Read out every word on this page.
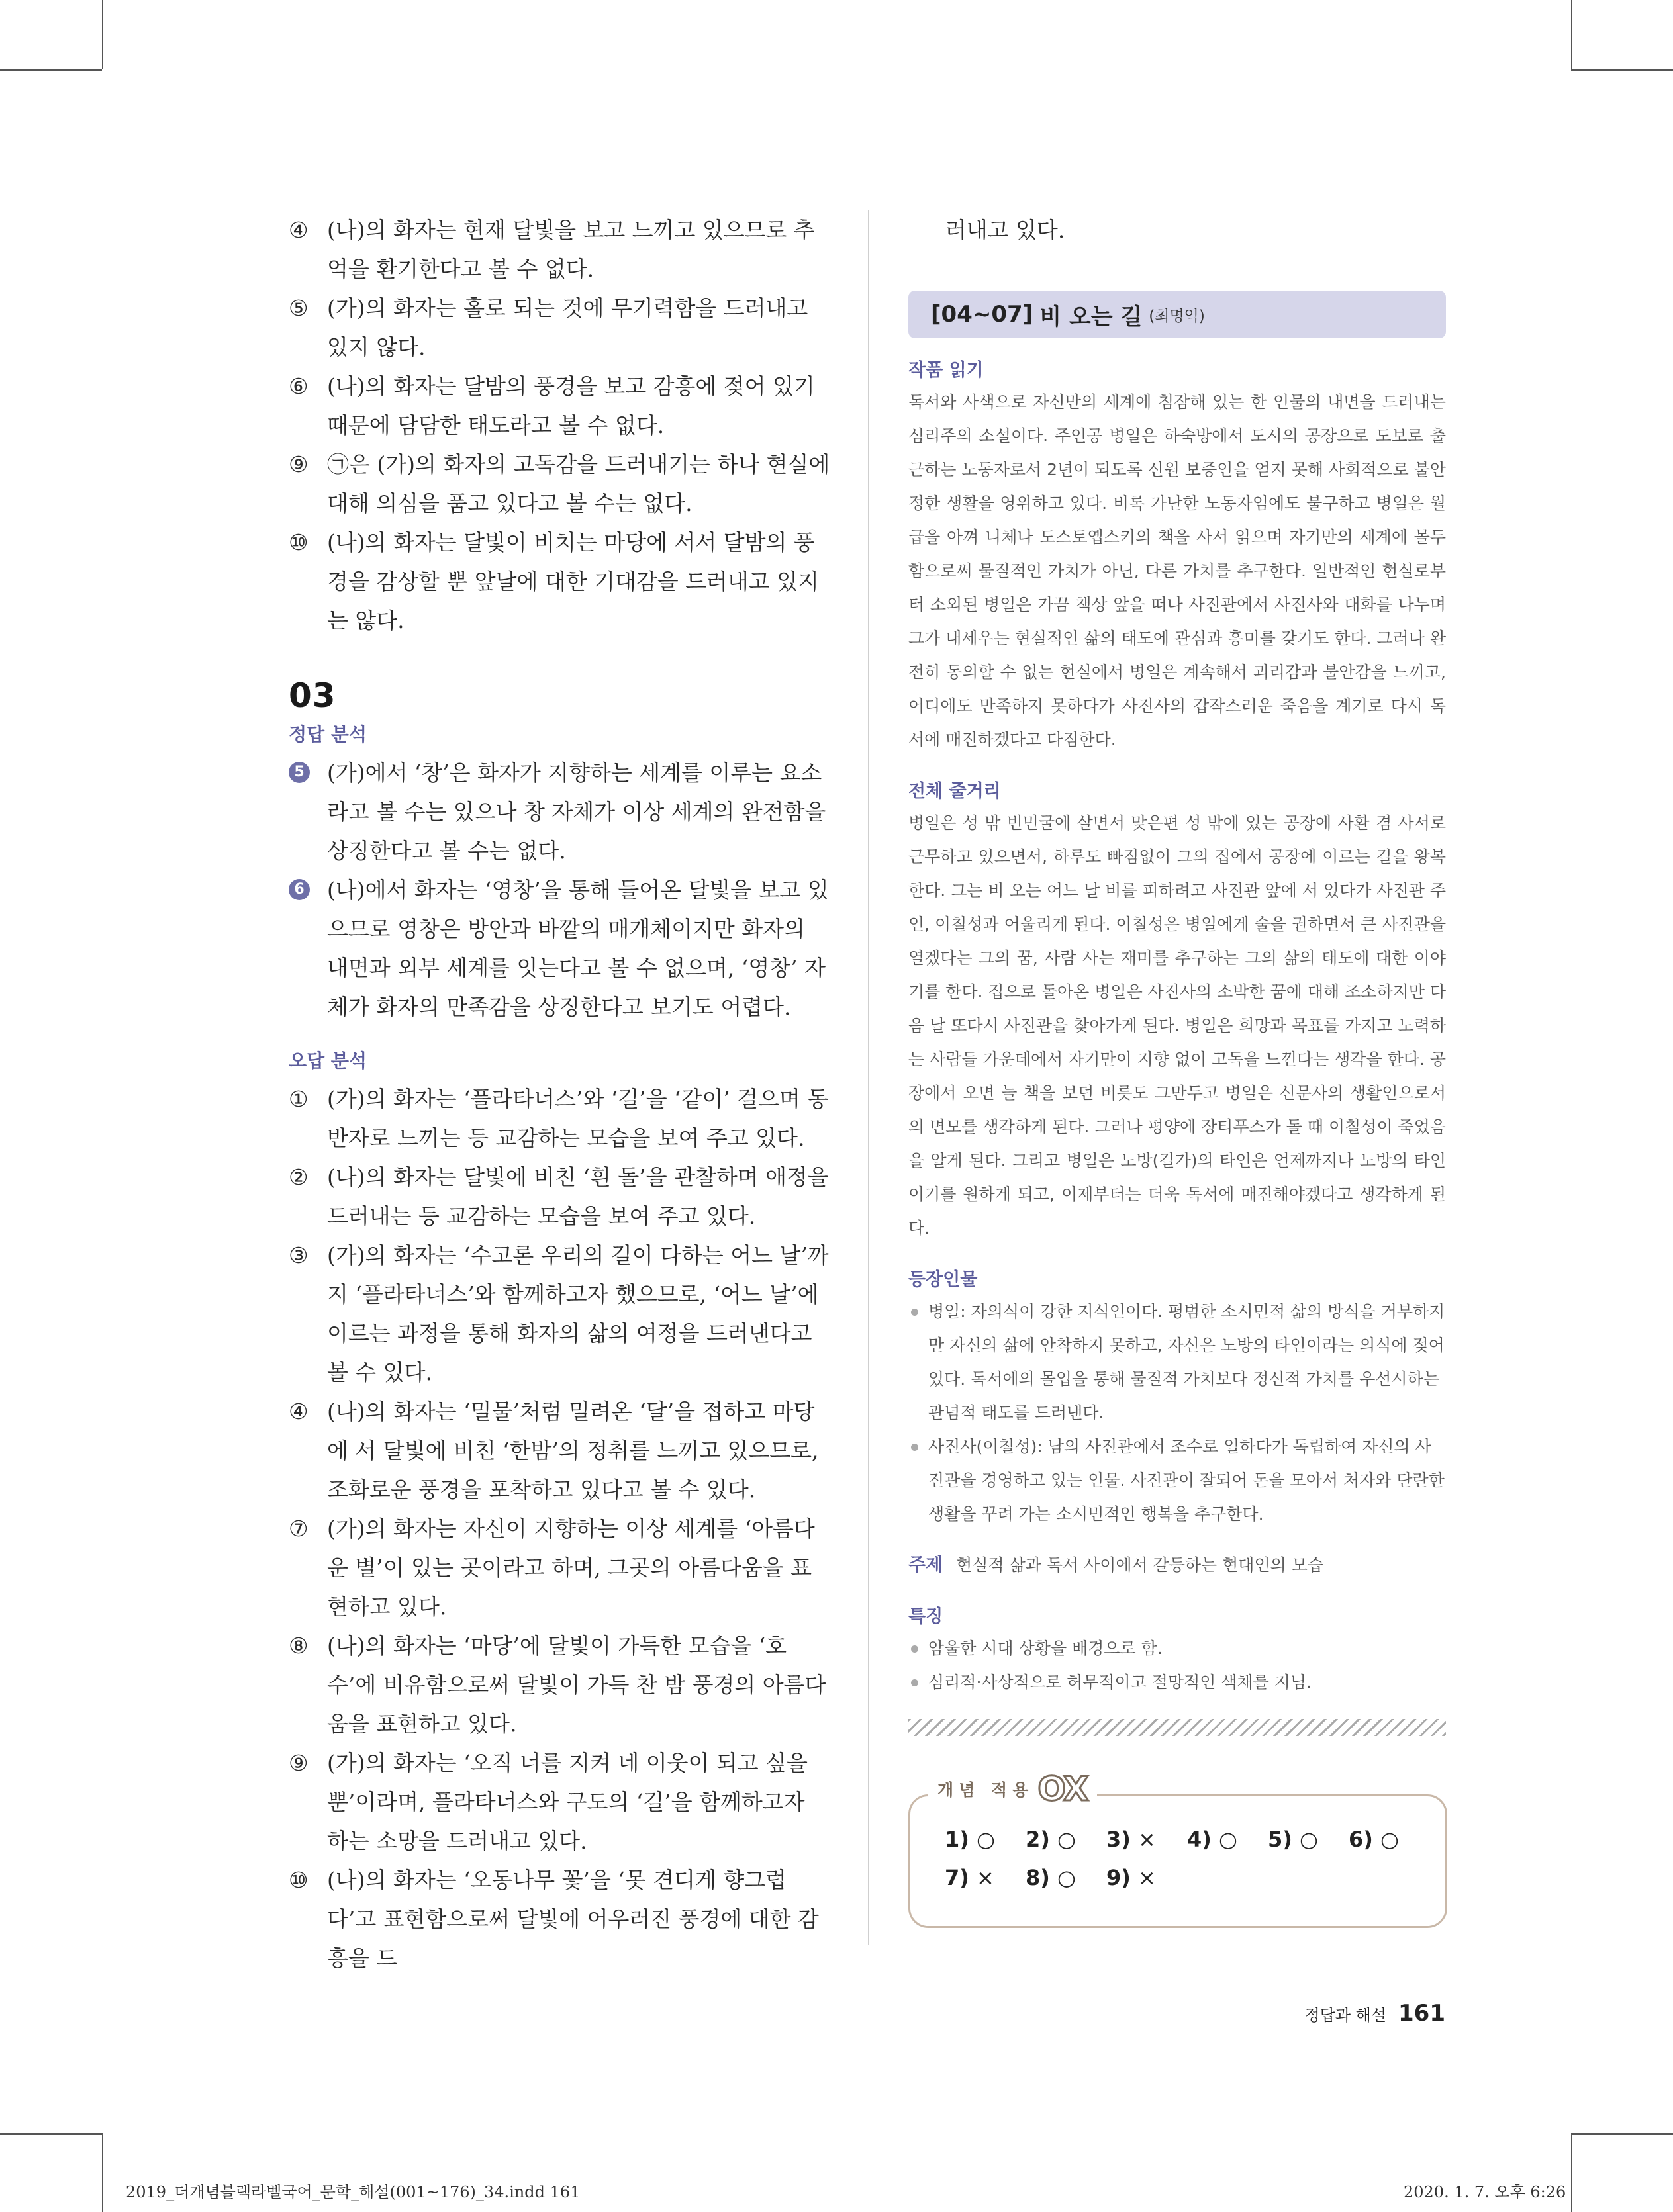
④ (나)의 화자는 현재 달빛을 보고 느끼고 있으므로 추억을 환기한다고 볼 수 없다.

⑤ (가)의 화자는 홀로 되는 것에 무기력함을 드러내고 있지 않다.

⑥ (나)의 화자는 달밤의 풍경을 보고 감흥에 젖어 있기 때문에 담담한 태도라고 볼 수 없다.

⑨ ㉠은 (가)의 화자의 고독감을 드러내기는 하나 현실에 대해 의심을 품고 있다고 볼 수는 없다.

⑩ (나)의 화자는 달빛이 비치는 마당에 서서 달밤의 풍경을 감상할 뿐 앞날에 대한 기대감을 드러내고 있지는 않다.

03
정답 분석

5 (가)에서 ‘창’은 화자가 지향하는 세계를 이루는 요소라고 볼 수는 있으나 창 자체가 이상 세계의 완전함을 상징한다고 볼 수는 없다.

6 (나)에서 화자는 ‘영창’을 통해 들어온 달빛을 보고 있으므로 영창은 방안과 바깥의 매개체이지만 화자의 내면과 외부 세계를 잇는다고 볼 수 없으며, ‘영창’ 자체가 화자의 만족감을 상징한다고 보기도 어렵다.

오답 분석

① (가)의 화자는 ‘플라타너스’와 ‘길’을 ‘같이’ 걸으며 동반자로 느끼는 등 교감하는 모습을 보여 주고 있다.

② (나)의 화자는 달빛에 비친 ‘흰 돌’을 관찰하며 애정을 드러내는 등 교감하는 모습을 보여 주고 있다.

③ (가)의 화자는 ‘수고론 우리의 길이 다하는 어느 날’까지 ‘플라타너스’와 함께하고자 했으므로, ‘어느 날’에 이르는 과정을 통해 화자의 삶의 여정을 드러낸다고 볼 수 있다.

④ (나)의 화자는 ‘밀물’처럼 밀려온 ‘달’을 접하고 마당에 서 달빛에 비친 ‘한밤’의 정취를 느끼고 있으므로, 조화로운 풍경을 포착하고 있다고 볼 수 있다.

⑦ (가)의 화자는 자신이 지향하는 이상 세계를 ‘아름다운 별’이 있는 곳이라고 하며, 그곳의 아름다움을 표현하고 있다.

⑧ (나)의 화자는 ‘마당’에 달빛이 가득한 모습을 ‘호수’에 비유함으로써 달빛이 가득 찬 밤 풍경의 아름다움을 표현하고 있다.

⑨ (가)의 화자는 ‘오직 너를 지켜 네 이웃이 되고 싶을 뿐’이라며, 플라타너스와 구도의 ‘길’을 함께하고자 하는 소망을 드러내고 있다.

⑩ (나)의 화자는 ‘오동나무 꽃’을 ‘못 견디게 향그럽다’고 표현함으로써 달빛에 어우러진 풍경에 대한 감흥을 드

러내고 있다.

[04~07] 비 오는 길 (최명익)
작품 읽기

독서와 사색으로 자신만의 세계에 침잠해 있는 한 인물의 내면을 드러내는 심리주의 소설이다. 주인공 병일은 하숙방에서 도시의 공장으로 도보로 출근하는 노동자로서 2년이 되도록 신원 보증인을 얻지 못해 사회적으로 불안정한 생활을 영위하고 있다. 비록 가난한 노동자임에도 불구하고 병일은 월급을 아껴 니체나 도스토옙스키의 책을 사서 읽으며 자기만의 세계에 몰두함으로써 물질적인 가치가 아닌, 다른 가치를 추구한다. 일반적인 현실로부터 소외된 병일은 가끔 책상 앞을 떠나 사진관에서 사진사와 대화를 나누며 그가 내세우는 현실적인 삶의 태도에 관심과 흥미를 갖기도 한다. 그러나 완전히 동의할 수 없는 현실에서 병일은 계속해서 괴리감과 불안감을 느끼고, 어디에도 만족하지 못하다가 사진사의 갑작스러운 죽음을 계기로 다시 독서에 매진하겠다고 다짐한다.

전체 줄거리

병일은 성 밖 빈민굴에 살면서 맞은편 성 밖에 있는 공장에 사환 겸 사서로 근무하고 있으면서, 하루도 빠짐없이 그의 집에서 공장에 이르는 길을 왕복한다. 그는 비 오는 어느 날 비를 피하려고 사진관 앞에 서 있다가 사진관 주인, 이칠성과 어울리게 된다. 이칠성은 병일에게 술을 권하면서 큰 사진관을 열겠다는 그의 꿈, 사람 사는 재미를 추구하는 그의 삶의 태도에 대한 이야기를 한다. 집으로 돌아온 병일은 사진사의 소박한 꿈에 대해 조소하지만 다음 날 또다시 사진관을 찾아가게 된다. 병일은 희망과 목표를 가지고 노력하는 사람들 가운데에서 자기만이 지향 없이 고독을 느낀다는 생각을 한다. 공장에서 오면 늘 책을 보던 버릇도 그만두고 병일은 신문사의 생활인으로서의 면모를 생각하게 된다. 그러나 평양에 장티푸스가 돌 때 이칠성이 죽었음을 알게 된다. 그리고 병일은 노방(길가)의 타인은 언제까지나 노방의 타인이기를 원하게 되고, 이제부터는 더욱 독서에 매진해야겠다고 생각하게 된다.

등장인물

병일: 자의식이 강한 지식인이다. 평범한 소시민적 삶의 방식을 거부하지만 자신의 삶에 안착하지 못하고, 자신은 노방의 타인이라는 의식에 젖어 있다. 독서에의 몰입을 통해 물질적 가치보다 정신적 가치를 우선시하는 관념적 태도를 드러낸다.

사진사(이칠성): 남의 사진관에서 조수로 일하다가 독립하여 자신의 사진관을 경영하고 있는 인물. 사진관이 잘되어 돈을 모아서 처자와 단란한 생활을 꾸려 가는 소시민적인 행복을 추구한다.

주제 현실적 삶과 독서 사이에서 갈등하는 현대인의 모습

특징

암울한 시대 상황을 배경으로 함.

심리적·사상적으로 허무적이고 절망적인 색채를 지님.

1) ○ 2) ○ 3) × 4) ○ 5) ○ 6) ○
7) × 8) ○ 9) ×
개념 적용 OX
정답과 해설 161
2019_더개념블랙라벨국어_문학_해설(001~176)_34.indd 161	2020. 1. 7. 오후 6:26
